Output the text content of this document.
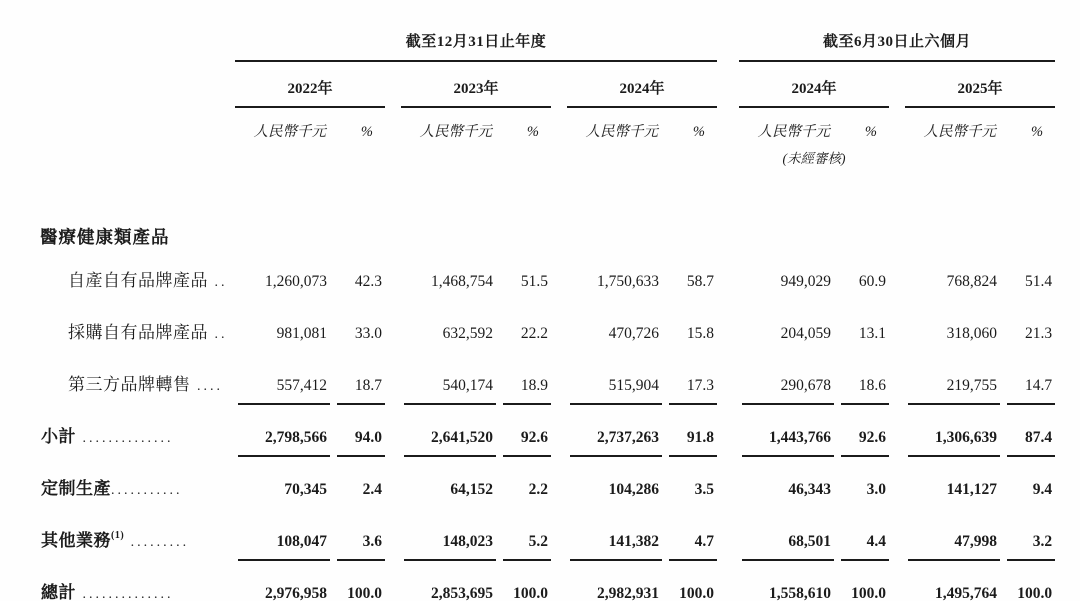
	截至12月31日止年度									截至6月30日止六個月				
	2022年			2023年			2024年			2024年			2025年	
	人民幣千元	%		人民幣千元	%		人民幣千元	%		人民幣千元	%		人民幣千元	%
										(未經審核)				
醫療健康類產品														
自產自有品牌產品 ..	1,260,073	42.3		1,468,754	51.5		1,750,633	58.7		949,029	60.9		768,824	51.4
採購自有品牌產品 ..	981,081	33.0		632,592	22.2		470,726	15.8		204,059	13.1		318,060	21.3
第三方品牌轉售 ....	557,412	18.7		540,174	18.9		515,904	17.3		290,678	18.6		219,755	14.7
小計 ..............	2,798,566	94.0		2,641,520	92.6		2,737,263	91.8		1,443,766	92.6		1,306,639	87.4
定制生產...........	70,345	2.4		64,152	2.2		104,286	3.5		46,343	3.0		141,127	9.4
其他業務$^{(1)}$ .........	108,047	3.6		148,023	5.2		141,382	4.7		68,501	4.4		47,998	3.2
總計 ..............	2,976,958	100.0		2,853,695	100.0		2,982,931	100.0		1,558,610	100.0		1,495,764	100.0
